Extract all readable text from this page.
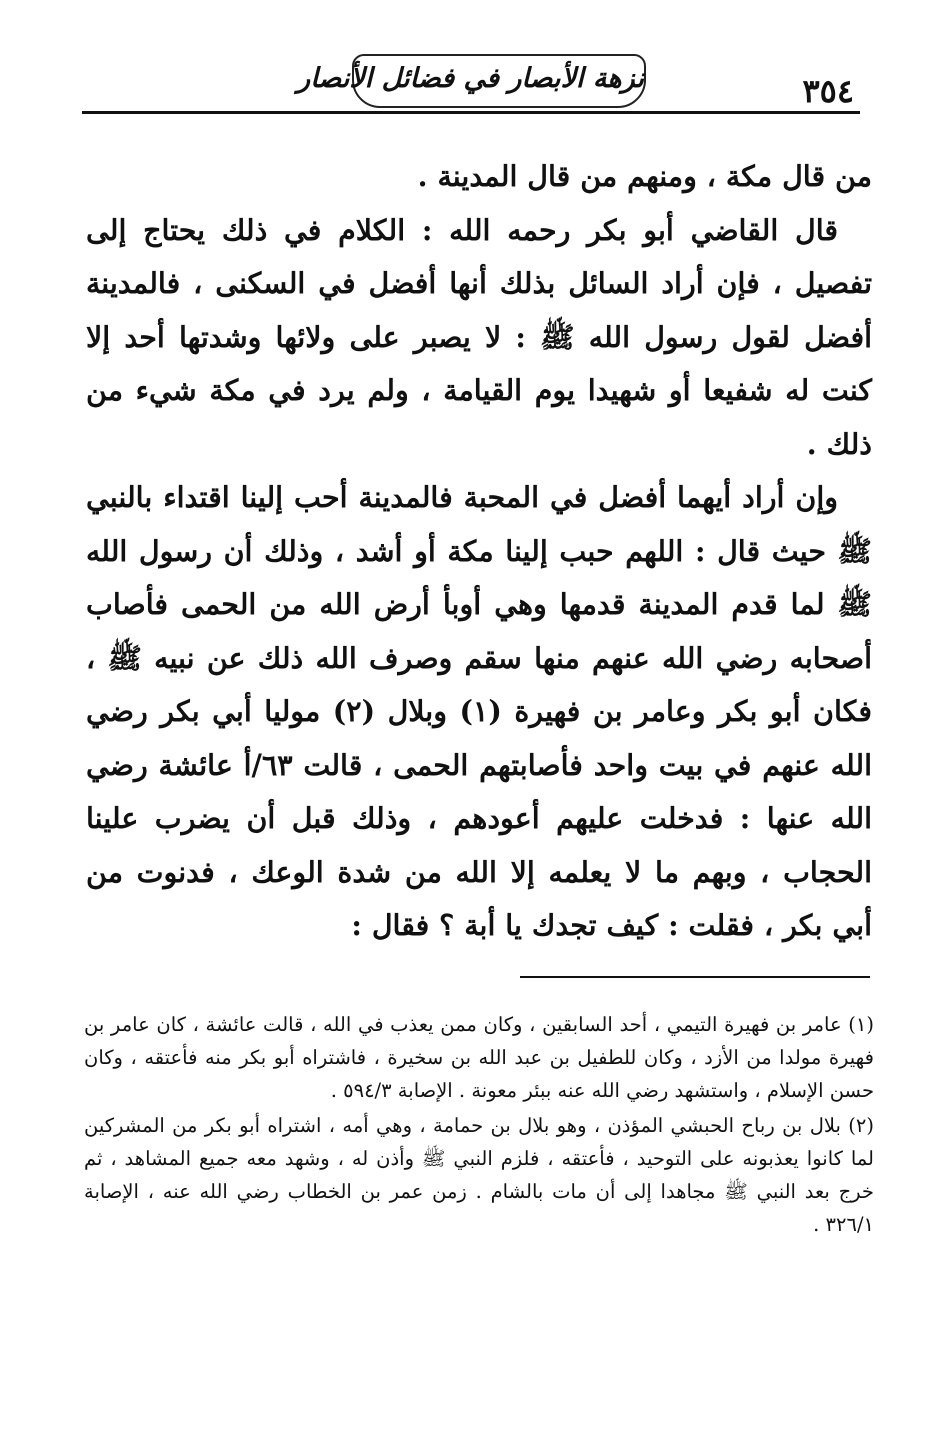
٣٥٤
نزهة الأبصار في فضائل الأنصار

من قال مكة ، ومنهم من قال المدينة .

قال القاضي أبو بكر رحمه الله : الكلام في ذلك يحتاج إلى تفصيل ، فإن أراد السائل بذلك أنها أفضل في السكنى ، فالمدينة أفضل لقول رسول الله ﷺ : لا يصبر على ولائها وشدتها أحد إلا كنت له شفيعا أو شهيدا يوم القيامة ، ولم يرد في مكة شيء من ذلك .

وإن أراد أيهما أفضل في المحبة فالمدينة أحب إلينا اقتداء بالنبي ﷺ حيث قال : اللهم حبب إلينا مكة أو أشد ، وذلك أن رسول الله ﷺ لما قدم المدينة قدمها وهي أوبأ أرض الله من الحمى فأصاب أصحابه رضي الله عنهم منها سقم وصرف الله ذلك عن نبيه ﷺ ، فكان أبو بكر وعامر بن فهيرة (١) وبلال (٢) موليا أبي بكر رضي الله عنهم في بيت واحد فأصابتهم الحمى ، قالت ٦٣/أ عائشة رضي الله عنها : فدخلت عليهم أعودهم ، وذلك قبل أن يضرب علينا الحجاب ، وبهم ما لا يعلمه إلا الله من شدة الوعك ، فدنوت من أبي بكر ، فقلت : كيف تجدك يا أبة ؟ فقال :

(١) عامر بن فهيرة التيمي ، أحد السابقين ، وكان ممن يعذب في الله ، قالت عائشة ، كان عامر بن فهيرة مولدا من الأزد ، وكان للطفيل بن عبد الله بن سخيرة ، فاشتراه أبو بكر منه فأعتقه ، وكان حسن الإسلام ، واستشهد رضي الله عنه ببئر معونة . الإصابة ٥٩٤/٣ .

(٢) بلال بن رباح الحبشي المؤذن ، وهو بلال بن حمامة ، وهي أمه ، اشتراه أبو بكر من المشركين لما كانوا يعذبونه على التوحيد ، فأعتقه ، فلزم النبي ﷺ وأذن له ، وشهد معه جميع المشاهد ، ثم خرج بعد النبي ﷺ مجاهدا إلى أن مات بالشام . زمن عمر بن الخطاب رضي الله عنه ، الإصابة ٣٢٦/١ .
